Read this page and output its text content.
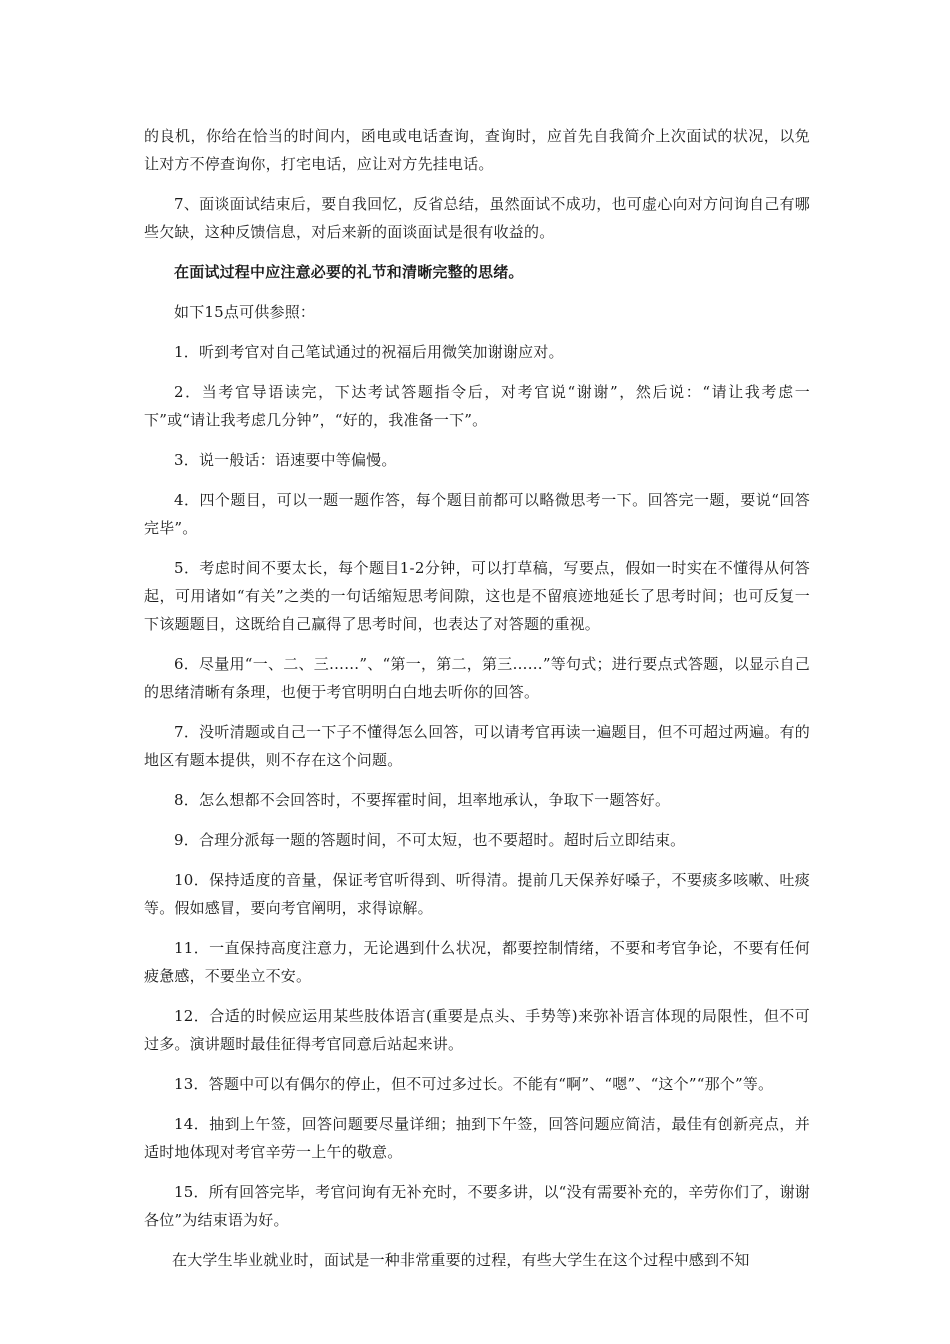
的良机，你给在恰当的时间内，函电或电话查询，查询时，应首先自我简介上次面试的状况，以免让对方不停查询你，打宅电话，应让对方先挂电话。

7、面谈面试结束后，要自我回忆，反省总结，虽然面试不成功，也可虚心向对方问询自己有哪些欠缺，这种反馈信息，对后来新的面谈面试是很有收益的。

在面试过程中应注意必要的礼节和清晰完整的思绪。

如下15点可供参照：

1．听到考官对自己笔试通过的祝福后用微笑加谢谢应对。

2．当考官导语读完，下达考试答题指令后，对考官说“谢谢”，然后说：“请让我考虑一下”或“请让我考虑几分钟”，“好的，我准备一下”。

3．说一般话：语速要中等偏慢。

4．四个题目，可以一题一题作答，每个题目前都可以略微思考一下。回答完一题，要说“回答完毕”。

5．考虑时间不要太长，每个题目1-2分钟，可以打草稿，写要点，假如一时实在不懂得从何答起，可用诸如“有关”之类的一句话缩短思考间隙，这也是不留痕迹地延长了思考时间；也可反复一下该题题目，这既给自己赢得了思考时间，也表达了对答题的重视。

6．尽量用“一、二、三……”、“第一，第二，第三……”等句式；进行要点式答题，以显示自己的思绪清晰有条理，也便于考官明明白白地去听你的回答。

7．没听清题或自己一下子不懂得怎么回答，可以请考官再读一遍题目，但不可超过两遍。有的地区有题本提供，则不存在这个问题。

8．怎么想都不会回答时，不要挥霍时间，坦率地承认，争取下一题答好。

9．合理分派每一题的答题时间，不可太短，也不要超时。超时后立即结束。

10．保持适度的音量，保证考官听得到、听得清。提前几天保养好嗓子，不要痰多咳嗽、吐痰等。假如感冒，要向考官阐明，求得谅解。

11．一直保持高度注意力，无论遇到什么状况，都要控制情绪，不要和考官争论，不要有任何疲惫感，不要坐立不安。

12．合适的时候应运用某些肢体语言(重要是点头、手势等)来弥补语言体现的局限性，但不可过多。演讲题时最佳征得考官同意后站起来讲。

13．答题中可以有偶尔的停止，但不可过多过长。不能有“啊”、“嗯”、“这个”“那个”等。

14．抽到上午签，回答问题要尽量详细；抽到下午签，回答问题应简洁，最佳有创新亮点，并适时地体现对考官辛劳一上午的敬意。

15．所有回答完毕，考官问询有无补充时，不要多讲，以“没有需要补充的，辛劳你们了，谢谢各位”为结束语为好。

在大学生毕业就业时，面试是一种非常重要的过程，有些大学生在这个过程中感到不知
